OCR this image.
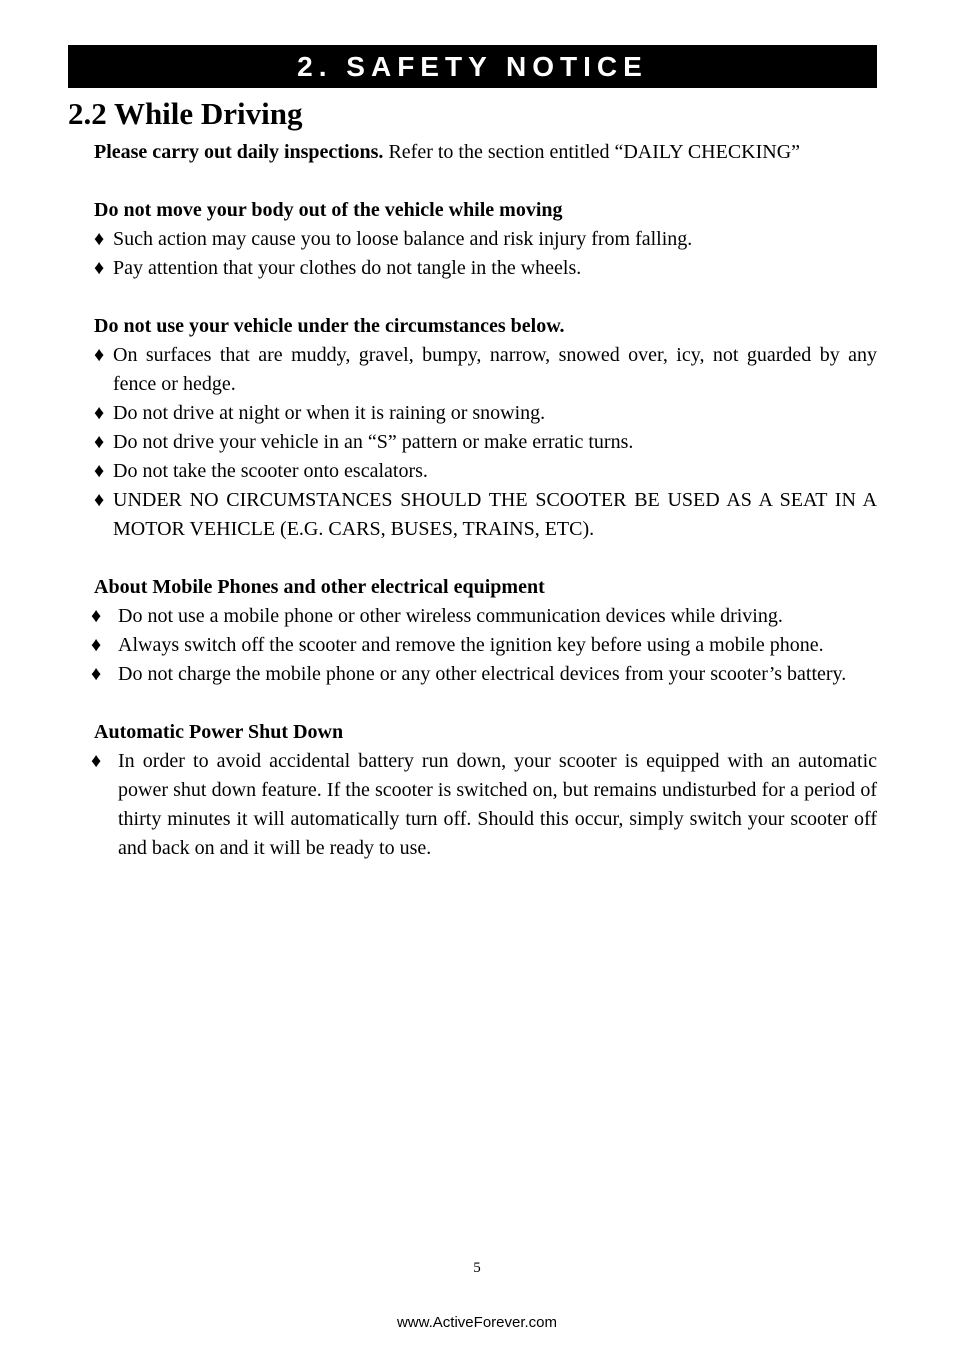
2. SAFETY NOTICE
2.2 While Driving

Please carry out daily inspections. Refer to the section entitled “DAILY CHECKING”

Do not move your body out of the vehicle while moving

♦ Such action may cause you to loose balance and risk injury from falling.
♦ Pay attention that your clothes do not tangle in the wheels.

Do not use your vehicle under the circumstances below.

♦ On surfaces that are muddy, gravel, bumpy, narrow, snowed over, icy, not guarded by any fence or hedge.
♦ Do not drive at night or when it is raining or snowing.
♦ Do not drive your vehicle in an “S” pattern or make erratic turns.
♦ Do not take the scooter onto escalators.
♦ UNDER NO CIRCUMSTANCES SHOULD THE SCOOTER BE USED AS A SEAT IN A MOTOR VEHICLE (E.G. CARS, BUSES, TRAINS, ETC).

About Mobile Phones and other electrical equipment

♦ Do not use a mobile phone or other wireless communication devices while driving.
♦ Always switch off the scooter and remove the ignition key before using a mobile phone.
♦ Do not charge the mobile phone or any other electrical devices from your scooter’s battery.

Automatic Power Shut Down

♦ In order to avoid accidental battery run down, your scooter is equipped with an automatic power shut down feature. If the scooter is switched on, but remains undisturbed for a period of thirty minutes it will automatically turn off. Should this occur, simply switch your scooter off and back on and it will be ready to use.
5
www.ActiveForever.com
